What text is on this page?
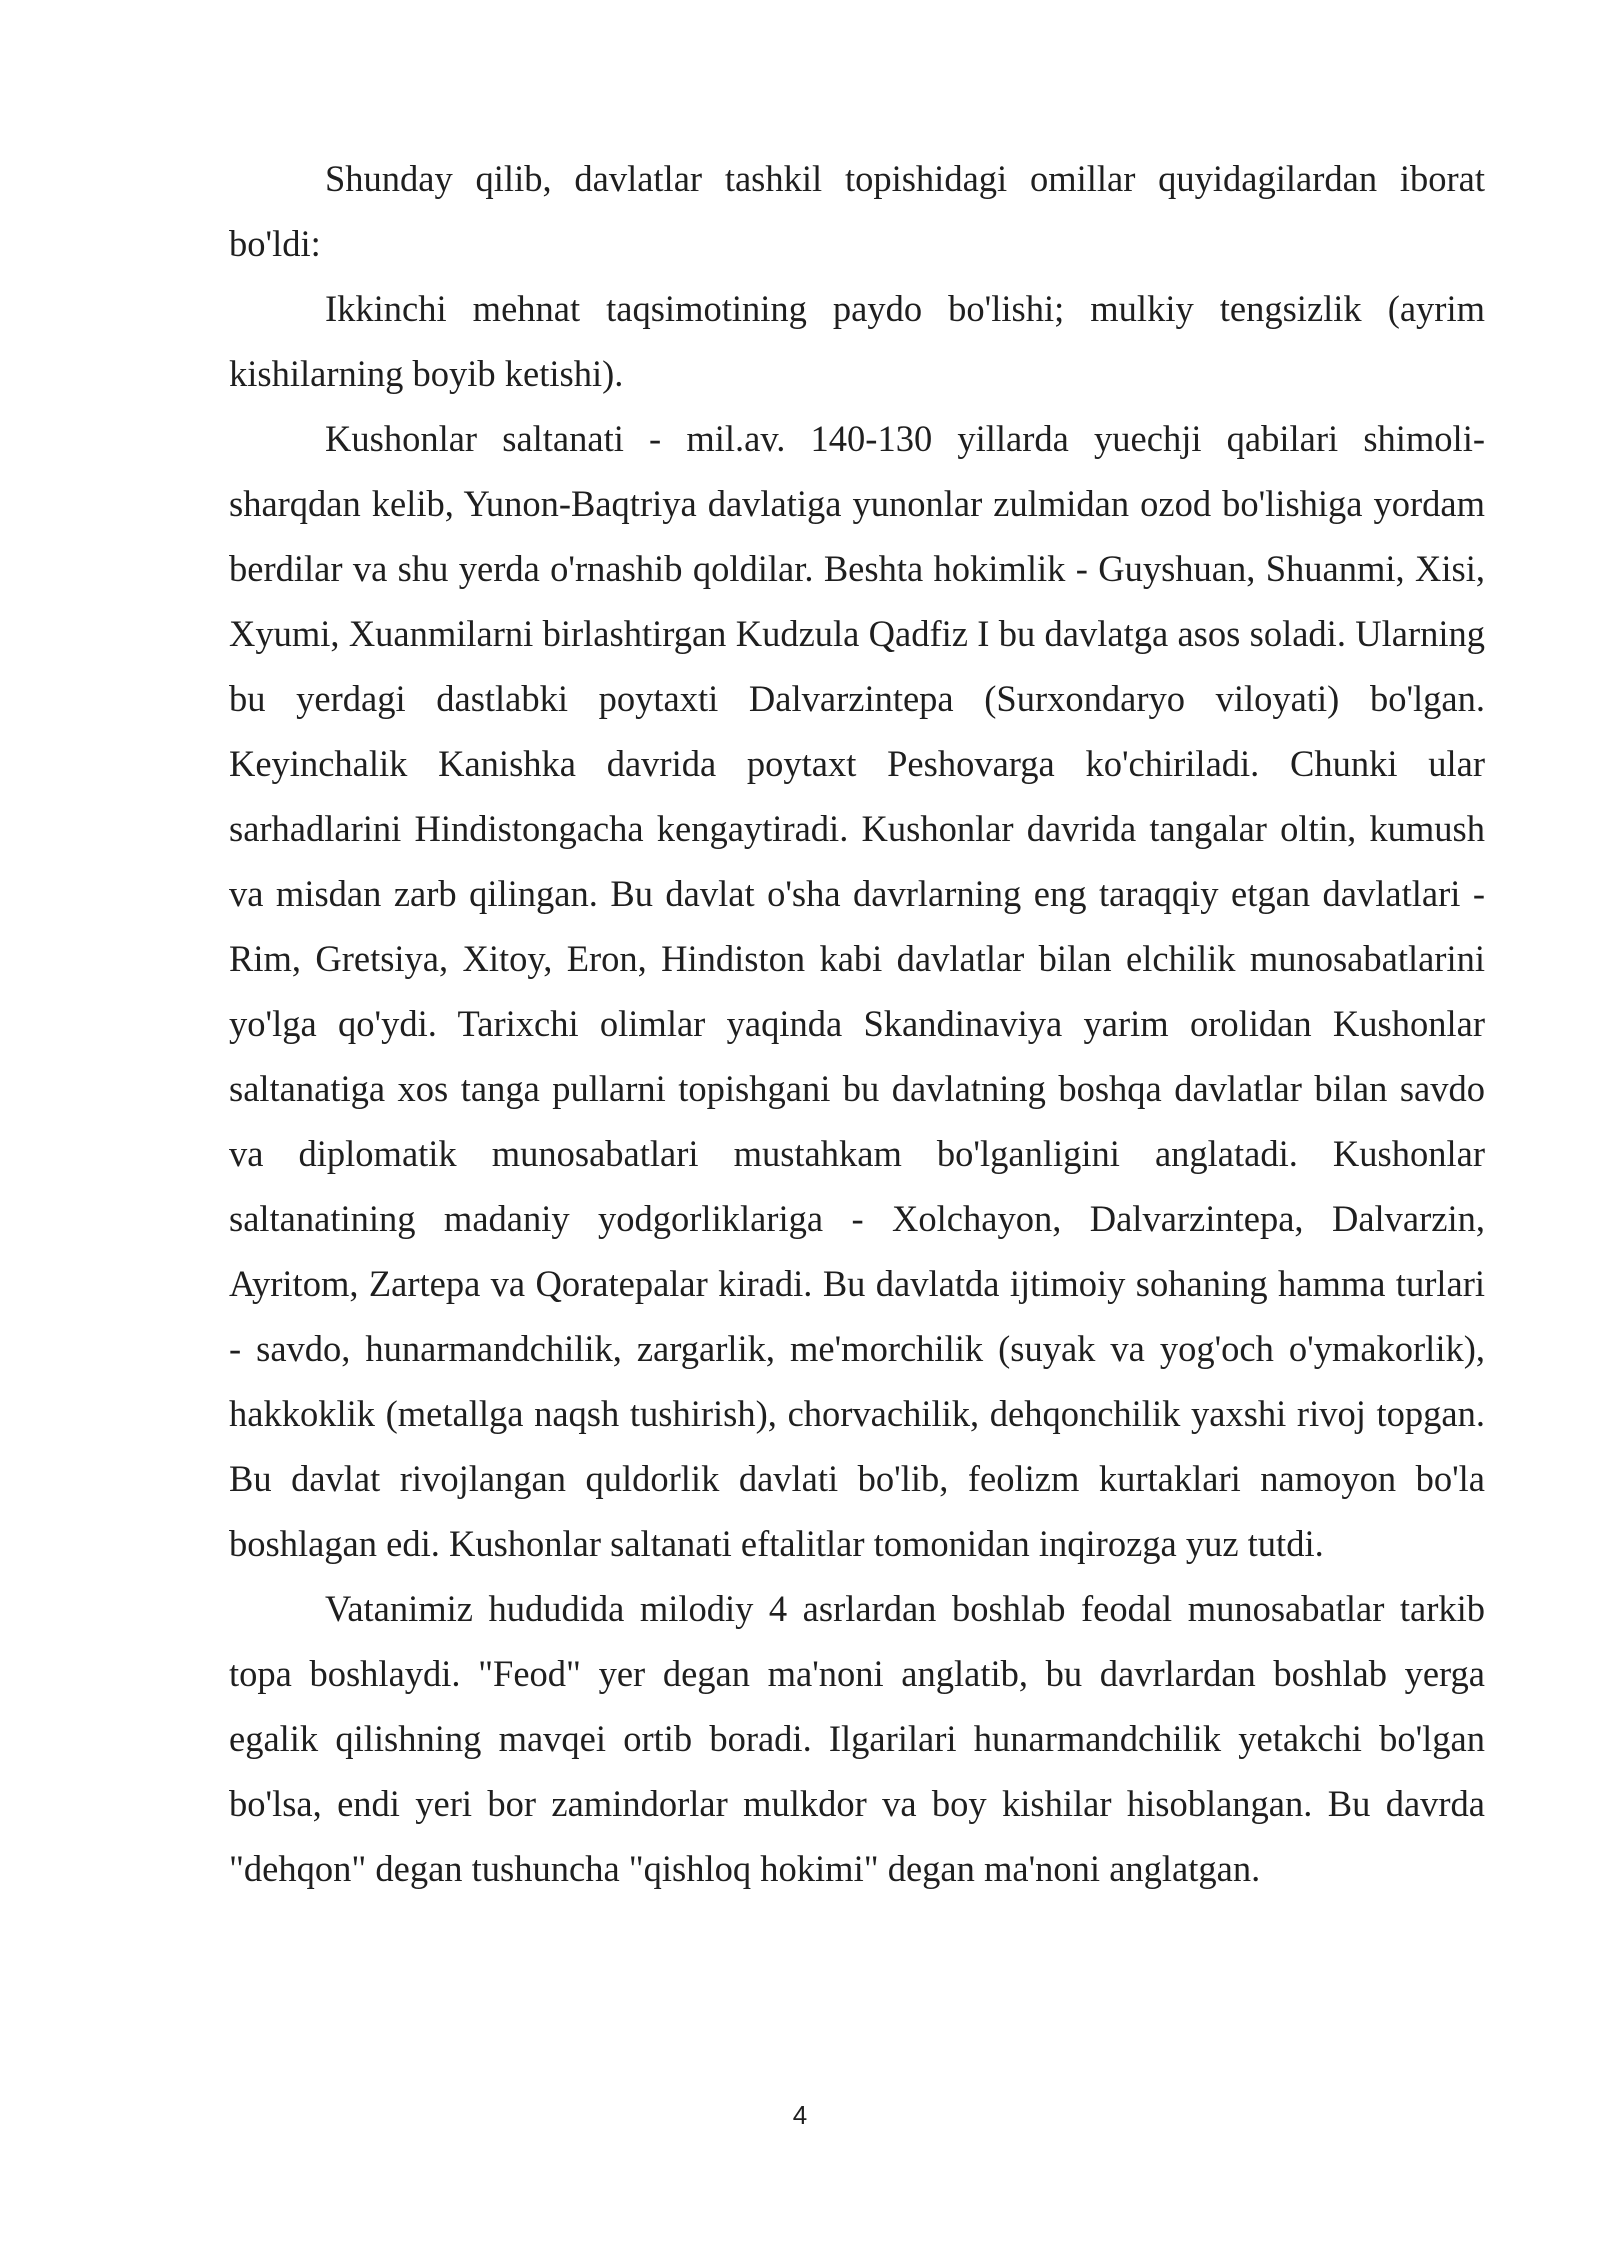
Shunday qilib, davlatlar tashkil topishidagi omillar quyidagilardan iborat bo'ldi:

Ikkinchi mehnat taqsimotining paydo bo'lishi; mulkiy tengsizlik (ayrim kishilarning boyib ketishi).

Kushonlar saltanati - mil.av. 140-130 yillarda yuechji qabilari shimoli-sharqdan kelib, Yunon-Baqtriya davlatiga yunonlar zulmidan ozod bo'lishiga yordam berdilar va shu yerda o'rnashib qoldilar. Beshta hokimlik - Guyshuan, Shuanmi, Xisi, Xyumi, Xuanmilarni birlashtirgan Kudzula Qadfiz I bu davlatga asos soladi. Ularning bu yerdagi dastlabki poytaxti Dalvarzintepa (Surxondaryo viloyati) bo'lgan. Keyinchalik Kanishka davrida poytaxt Peshovarga ko'chiriladi. Chunki ular sarhadlarini Hindistongacha kengaytiradi. Kushonlar davrida tangalar oltin, kumush va misdan zarb qilingan. Bu davlat o'sha davrlarning eng taraqqiy etgan davlatlari - Rim, Gretsiya, Xitoy, Eron, Hindiston kabi davlatlar bilan elchilik munosabatlarini yo'lga qo'ydi. Tarixchi olimlar yaqinda Skandinaviya yarim orolidan Kushonlar saltanatiga xos tanga pullarni topishgani bu davlatning boshqa davlatlar bilan savdo va diplomatik munosabatlari mustahkam bo'lganligini anglatadi. Kushonlar saltanatining madaniy yodgorliklariga - Xolchayon, Dalvarzintepa, Dalvarzin, Ayritom, Zartepa va Qoratepalar kiradi. Bu davlatda ijtimoiy sohaning hamma turlari - savdo, hunarmandchilik, zargarlik, me'morchilik (suyak va yog'och o'ymakorlik), hakkoklik (metallga naqsh tushirish), chorvachilik, dehqonchilik yaxshi rivoj topgan. Bu davlat rivojlangan quldorlik davlati bo'lib, feolizm kurtaklari namoyon bo'la boshlagan edi. Kushonlar saltanati eftalitlar tomonidan inqirozga yuz tutdi.

Vatanimiz hududida milodiy 4 asrlardan boshlab feodal munosabatlar tarkib topa boshlaydi. "Feod" yer degan ma'noni anglatib, bu davrlardan boshlab yerga egalik qilishning mavqei ortib boradi. Ilgarilari hunarmandchilik yetakchi bo'lgan bo'lsa, endi yeri bor zamindorlar mulkdor va boy kishilar hisoblangan. Bu davrda "dehqon" degan tushuncha "qishloq hokimi" degan ma'noni anglatgan.

4
